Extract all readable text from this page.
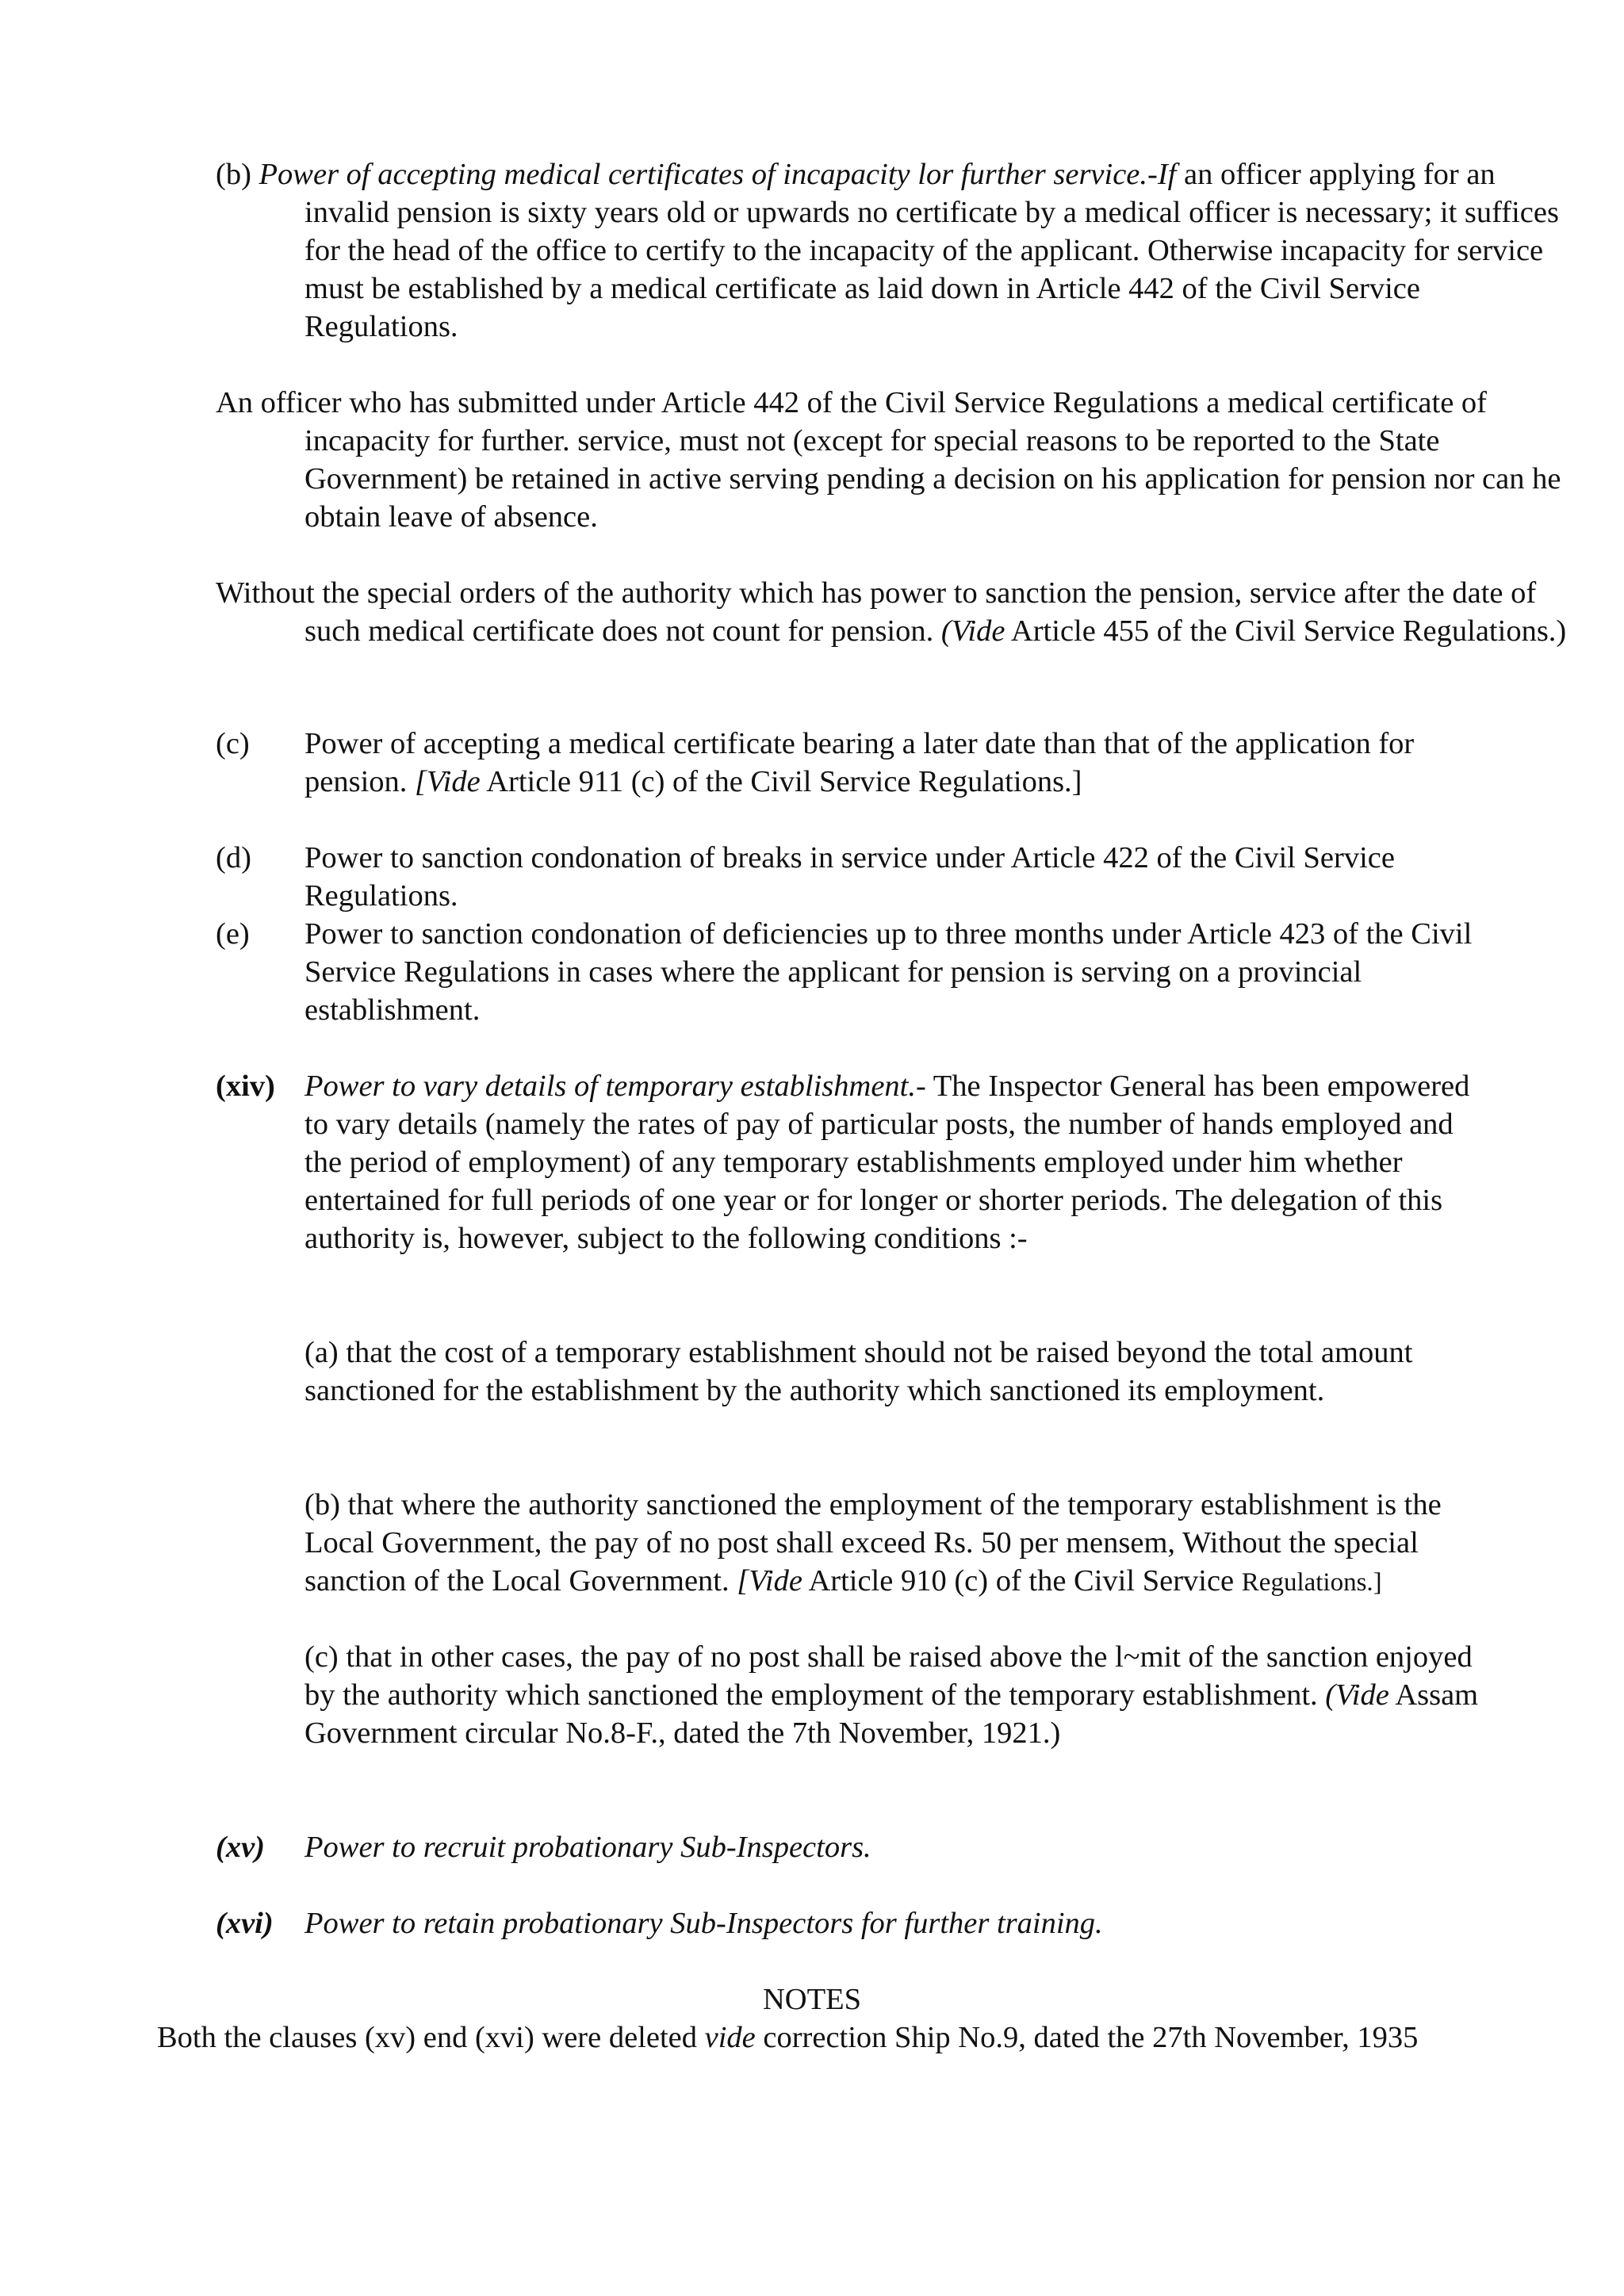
(b) Power of accepting medical certificates of incapacity lor further service.-If an officer applying for an invalid pension is sixty years old or upwards no certificate by a medical officer is necessary; it suffices for the head of the office to certify to the incapacity of the applicant. Otherwise incapacity for service must be established by a medical certificate as laid down in Article 442 of the Civil Service Regulations.
An officer who has submitted under Article 442 of the Civil Service Regulations a medical certificate of incapacity for further. service, must not (except for special reasons to be reported to the State Government) be retained in active serving pending a decision on his application for pension nor can he obtain leave of absence.
Without the special orders of the authority which has power to sanction the pension, service after the date of such medical certificate does not count for pension. (Vide Article 455 of the Civil Service Regulations.)
(c)	Power of accepting a medical certificate bearing a later date than that of the application for pension. [Vide Article 911 (c) of the Civil Service Regulations.]
(d)	Power to sanction condonation of breaks in service under Article 422 of the Civil Service Regulations.
(e)	Power to sanction condonation of deficiencies up to three months under Article 423 of the Civil Service Regulations in cases where the applicant for pension is serving on a provincial establishment.
(xiv) Power to vary details of temporary establishment.- The Inspector General has been empowered to vary details (namely the rates of pay of particular posts, the number of hands employed and the period of employment) of any temporary establishments employed under him whether entertained for full periods of one year or for longer or shorter periods. The delegation of this authority is, however, subject to the following conditions :-
(a) that the cost of a temporary establishment should not be raised beyond the total amount sanctioned for the establishment by the authority which sanctioned its employment.
(b) that where the authority sanctioned the employment of the temporary establishment is the Local Government, the pay of no post shall exceed Rs. 50 per mensem, Without the special sanction of the Local Government. [Vide Article 910 (c) of the Civil Service Regulations.]
(c) that in other cases, the pay of no post shall be raised above the l~mit of the sanction enjoyed by the authority which sanctioned the employment of the temporary establishment. (Vide Assam Government circular No.8-F., dated the 7th November, 1921.)
(xv)	Power to recruit probationary Sub-Inspectors.
(xvi)	Power to retain probationary Sub-Inspectors for further training.
NOTES
Both the clauses (xv) end (xvi) were deleted vide correction Ship No.9, dated the 27th November, 1935
